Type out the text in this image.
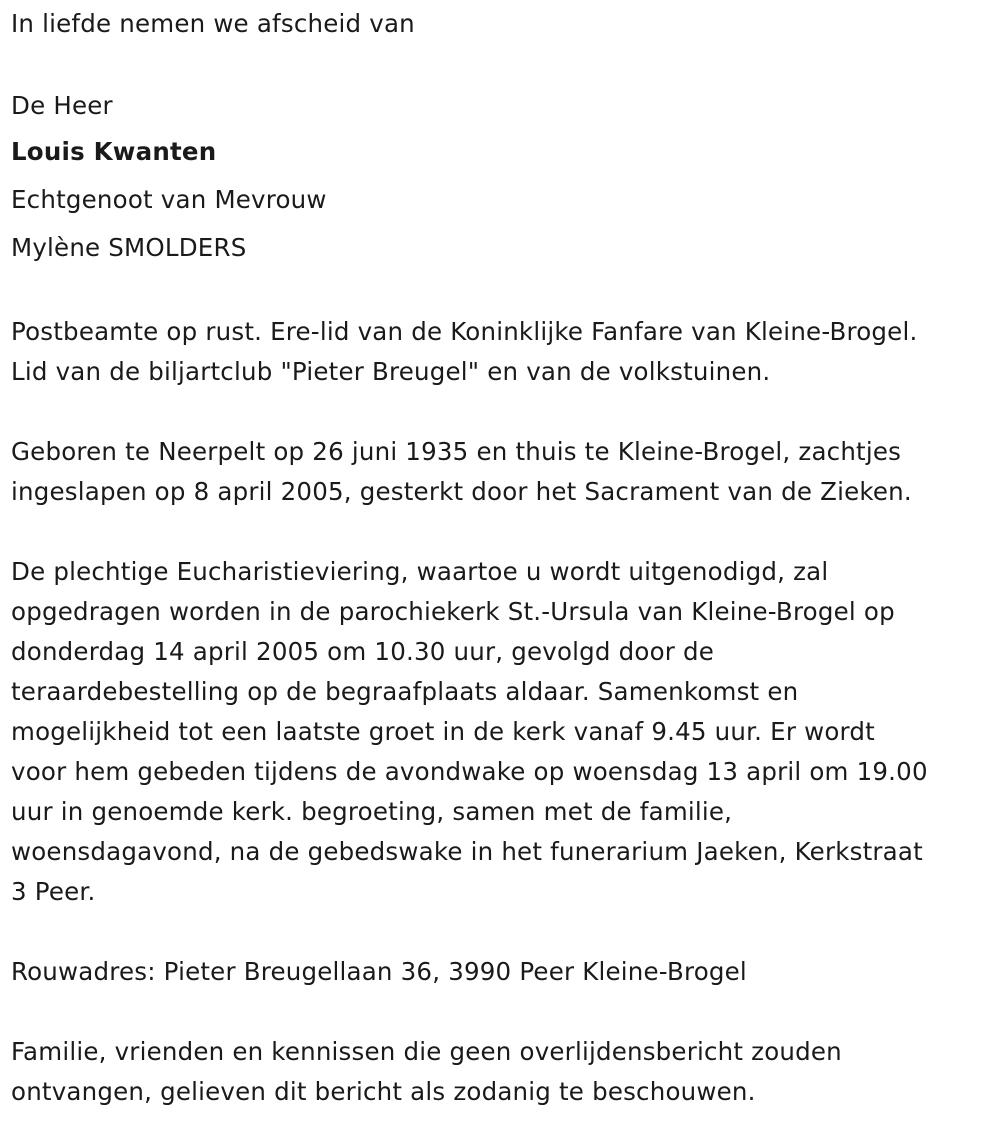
In liefde nemen we afscheid van
De Heer
Louis Kwanten
Echtgenoot van Mevrouw
Mylène SMOLDERS
Postbeamte op rust. Ere-lid van de Koninklijke Fanfare van Kleine-Brogel.
Lid van de biljartclub "Pieter Breugel" en van de volkstuinen.
Geboren te Neerpelt op 26 juni 1935 en thuis te Kleine-Brogel, zachtjes
ingeslapen op 8 april 2005, gesterkt door het Sacrament van de Zieken.
De plechtige Eucharistieviering, waartoe u wordt uitgenodigd, zal
opgedragen worden in de parochiekerk St.-Ursula van Kleine-Brogel op
donderdag 14 april 2005 om 10.30 uur, gevolgd door de
teraardebestelling op de begraafplaats aldaar. Samenkomst en
mogelijkheid tot een laatste groet in de kerk vanaf 9.45 uur. Er wordt
voor hem gebeden tijdens de avondwake op woensdag 13 april om 19.00
uur in genoemde kerk. begroeting, samen met de familie,
woensdagavond, na de gebedswake in het funerarium Jaeken, Kerkstraat
3 Peer.
Rouwadres: Pieter Breugellaan 36, 3990 Peer Kleine-Brogel
Familie, vrienden en kennissen die geen overlijdensbericht zouden
ontvangen, gelieven dit bericht als zodanig te beschouwen.
